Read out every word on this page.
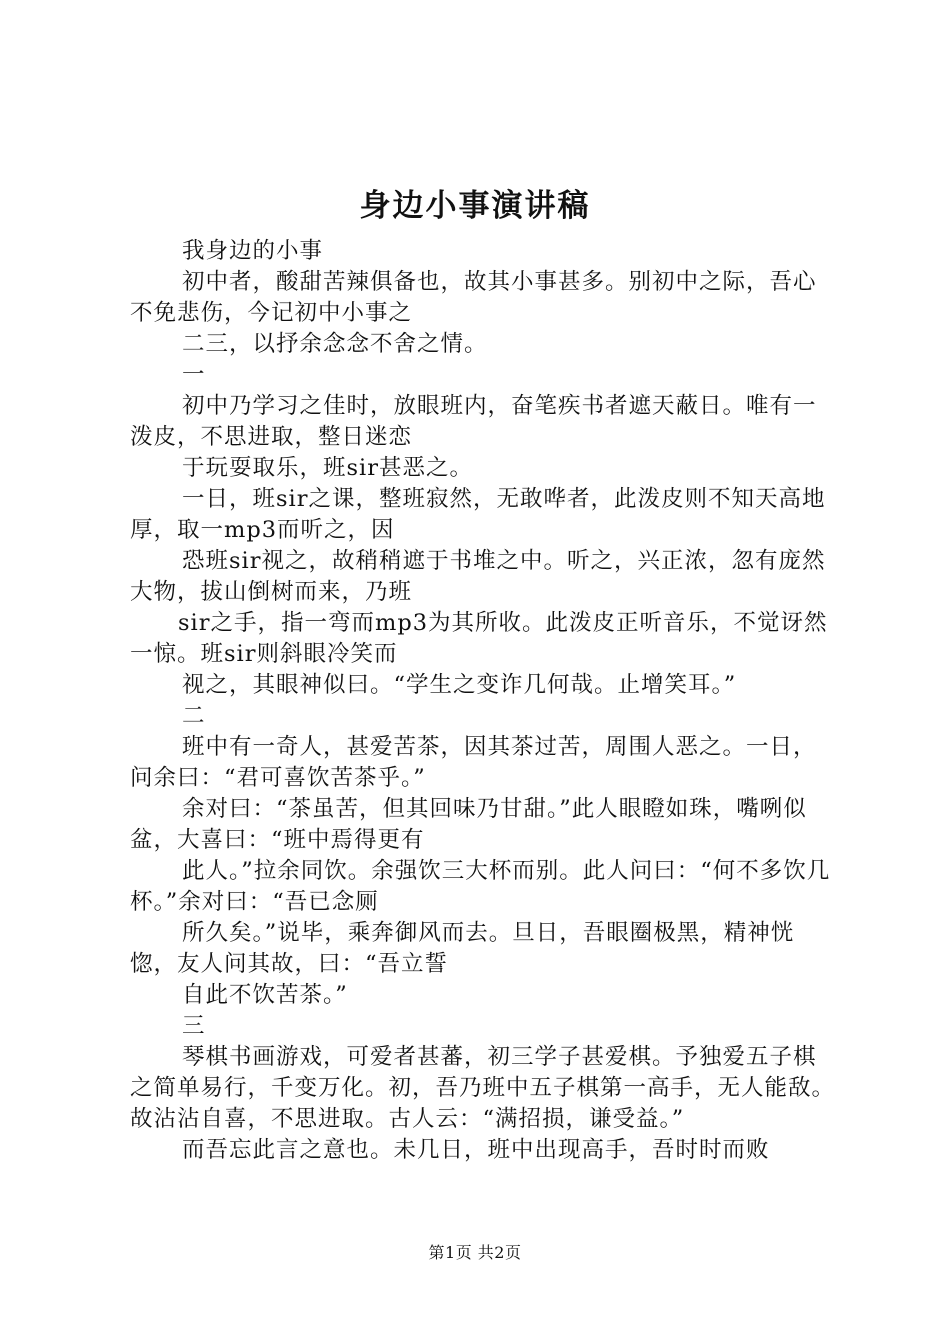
身边小事演讲稿

我身边的小事

初中者，酸甜苦辣俱备也，故其小事甚多。别初中之际，吾心不免悲伤，今记初中小事之

二三，以抒余念念不舍之情。

一

初中乃学习之佳时，放眼班内，奋笔疾书者遮天蔽日。唯有一泼皮，不思进取，整日迷恋

于玩耍取乐，班sir甚恶之。

一日，班sir之课，整班寂然，无敢哗者，此泼皮则不知天高地厚，取一mp3而听之，因

恐班sir视之，故稍稍遮于书堆之中。听之，兴正浓，忽有庞然大物，拔山倒树而来，乃班

sir之手，指一弯而mp3为其所收。此泼皮正听音乐，不觉讶然一惊。班sir则斜眼冷笑而

视之，其眼神似曰。“学生之变诈几何哉。止增笑耳。”

二

班中有一奇人，甚爱苦茶，因其茶过苦，周围人恶之。一日，问余曰：“君可喜饮苦茶乎。”

余对曰：“茶虽苦，但其回味乃甘甜。”此人眼瞪如珠，嘴咧似盆，大喜曰：“班中焉得更有

此人。”拉余同饮。余强饮三大杯而别。此人问曰：“何不多饮几杯。”余对曰：“吾已念厕

所久矣。”说毕，乘奔御风而去。旦日，吾眼圈极黑，精神恍惚，友人问其故，曰：“吾立誓

自此不饮苦茶。”

三

琴棋书画游戏，可爱者甚蕃，初三学子甚爱棋。予独爱五子棋之简单易行，千变万化。初，吾乃班中五子棋第一高手，无人能敌。故沾沾自喜，不思进取。古人云：“满招损，谦受益。”

而吾忘此言之意也。未几日，班中出现高手，吾时时而败

第1页 共2页
